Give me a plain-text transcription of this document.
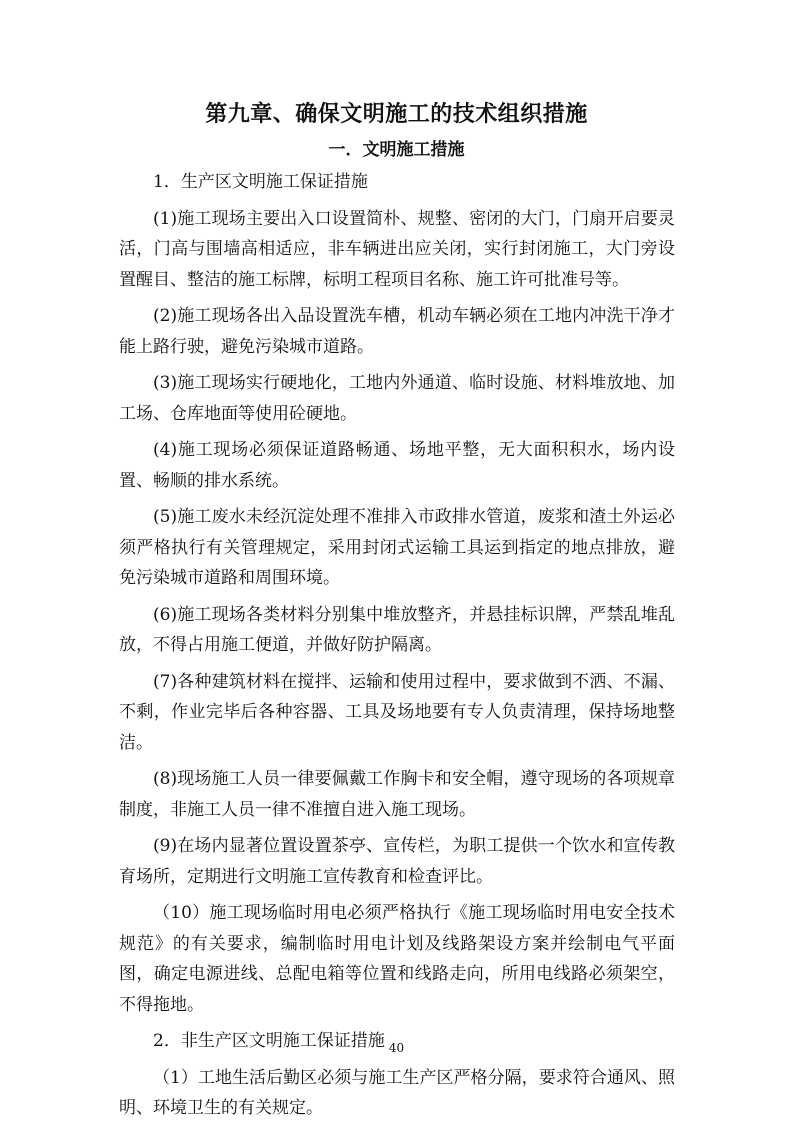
第九章、确保文明施工的技术组织措施
一．文明施工措施

1．生产区文明施工保证措施

(1)施工现场主要出入口设置简朴、规整、密闭的大门，门扇开启要灵活，门高与围墙高相适应，非车辆进出应关闭，实行封闭施工，大门旁设置醒目、整洁的施工标牌，标明工程项目名称、施工许可批准号等。

(2)施工现场各出入品设置洗车槽，机动车辆必须在工地内冲洗干净才能上路行驶，避免污染城市道路。

(3)施工现场实行硬地化，工地内外通道、临时设施、材料堆放地、加工场、仓库地面等使用砼硬地。

(4)施工现场必须保证道路畅通、场地平整，无大面积积水，场内设置、畅顺的排水系统。

(5)施工废水未经沉淀处理不准排入市政排水管道，废浆和渣土外运必须严格执行有关管理规定，采用封闭式运输工具运到指定的地点排放，避免污染城市道路和周围环境。

(6)施工现场各类材料分别集中堆放整齐，并悬挂标识牌，严禁乱堆乱放，不得占用施工便道，并做好防护隔离。

(7)各种建筑材料在搅拌、运输和使用过程中，要求做到不洒、不漏、不剩，作业完毕后各种容器、工具及场地要有专人负责清理，保持场地整洁。

(8)现场施工人员一律要佩戴工作胸卡和安全帽，遵守现场的各项规章制度，非施工人员一律不准擅自进入施工现场。

(9)在场内显著位置设置茶亭、宣传栏，为职工提供一个饮水和宣传教育场所，定期进行文明施工宣传教育和检查评比。

（10）施工现场临时用电必须严格执行《施工现场临时用电安全技术规范》的有关要求，编制临时用电计划及线路架设方案并绘制电气平面图，确定电源进线、总配电箱等位置和线路走向，所用电线路必须架空，不得拖地。

2．非生产区文明施工保证措施

（1）工地生活后勤区必须与施工生产区严格分隔，要求符合通风、照明、环境卫生的有关规定。

40
